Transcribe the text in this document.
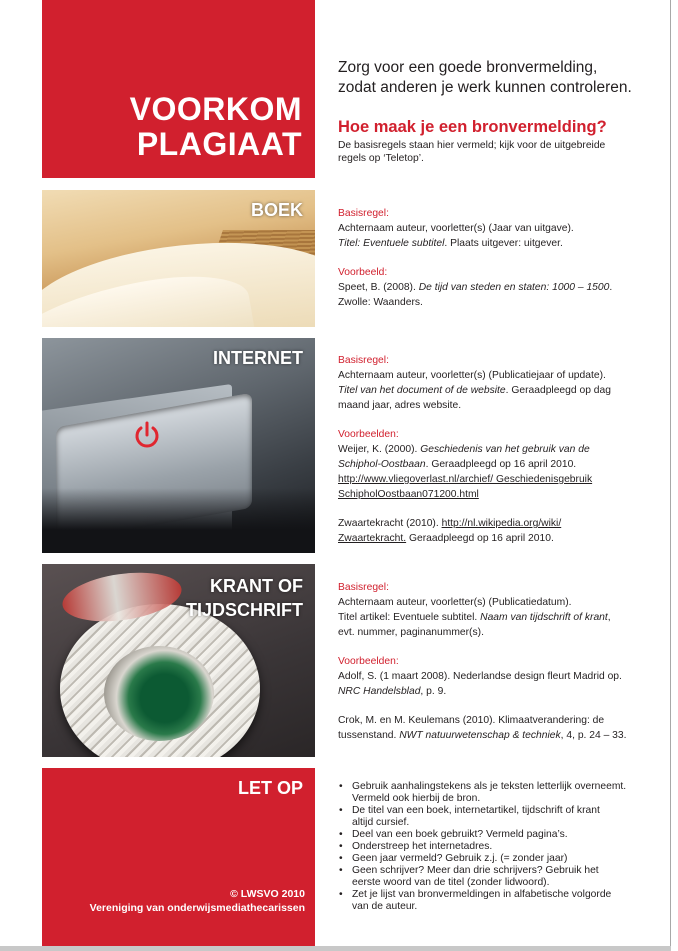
VOORKOM
PLAGIAAT
BOEK
INTERNET
KRANT OF
TIJDSCHRIFT
LET OP
© LWSVO 2010
Vereniging van onderwijsmediathecarissen
Zorg voor een goede bronvermelding,
zodat anderen je werk kunnen controleren.
Hoe maak je een bronvermelding?
De basisregels staan hier vermeld; kijk voor de uitgebreide
regels op ‘Teletop’.
Basisregel:
Achternaam auteur, voorletter(s) (Jaar van uitgave).
Titel: Eventuele subtitel. Plaats uitgever: uitgever.
Voorbeeld:
Speet, B. (2008). De tijd van steden en staten: 1000 – 1500.
Zwolle: Waanders.
Basisregel:
Achternaam auteur, voorletter(s) (Publicatiejaar of update).
Titel van het document of de website. Geraadpleegd op dag
maand jaar, adres website.
Voorbeelden:
Weijer, K. (2000). Geschiedenis van het gebruik van de
Schiphol-Oostbaan. Geraadpleegd op 16 april 2010.
http://www.vliegoverlast.nl/archief/ Geschiedenisgebruik
SchipholOostbaan071200.html
Zwaartekracht (2010). http://nl.wikipedia.org/wiki/
Zwaartekracht. Geraadpleegd op 16 april 2010.
Basisregel:
Achternaam auteur, voorletter(s) (Publicatiedatum).
Titel artikel: Eventuele subtitel. Naam van tijdschrift of krant,
evt. nummer, paginanummer(s).
Voorbeelden:
Adolf, S. (1 maart 2008). Nederlandse design fleurt Madrid op.
NRC Handelsblad, p. 9.
Crok, M. en M. Keulemans (2010). Klimaatverandering: de
tussenstand. NWT natuurwetenschap & techniek, 4, p. 24 – 33.
• Gebruik aanhalingstekens als je teksten letterlijk overneemt.
Vermeld ook hierbij de bron.
• De titel van een boek, internetartikel, tijdschrift of krant
altijd cursief.
• Deel van een boek gebruikt? Vermeld pagina’s.
• Onderstreep het internetadres.
• Geen jaar vermeld? Gebruik z.j. (= zonder jaar)
• Geen schrijver? Meer dan drie schrijvers? Gebruik het
eerste woord van de titel (zonder lidwoord).
• Zet je lijst van bronvermeldingen in alfabetische volgorde
van de auteur.
